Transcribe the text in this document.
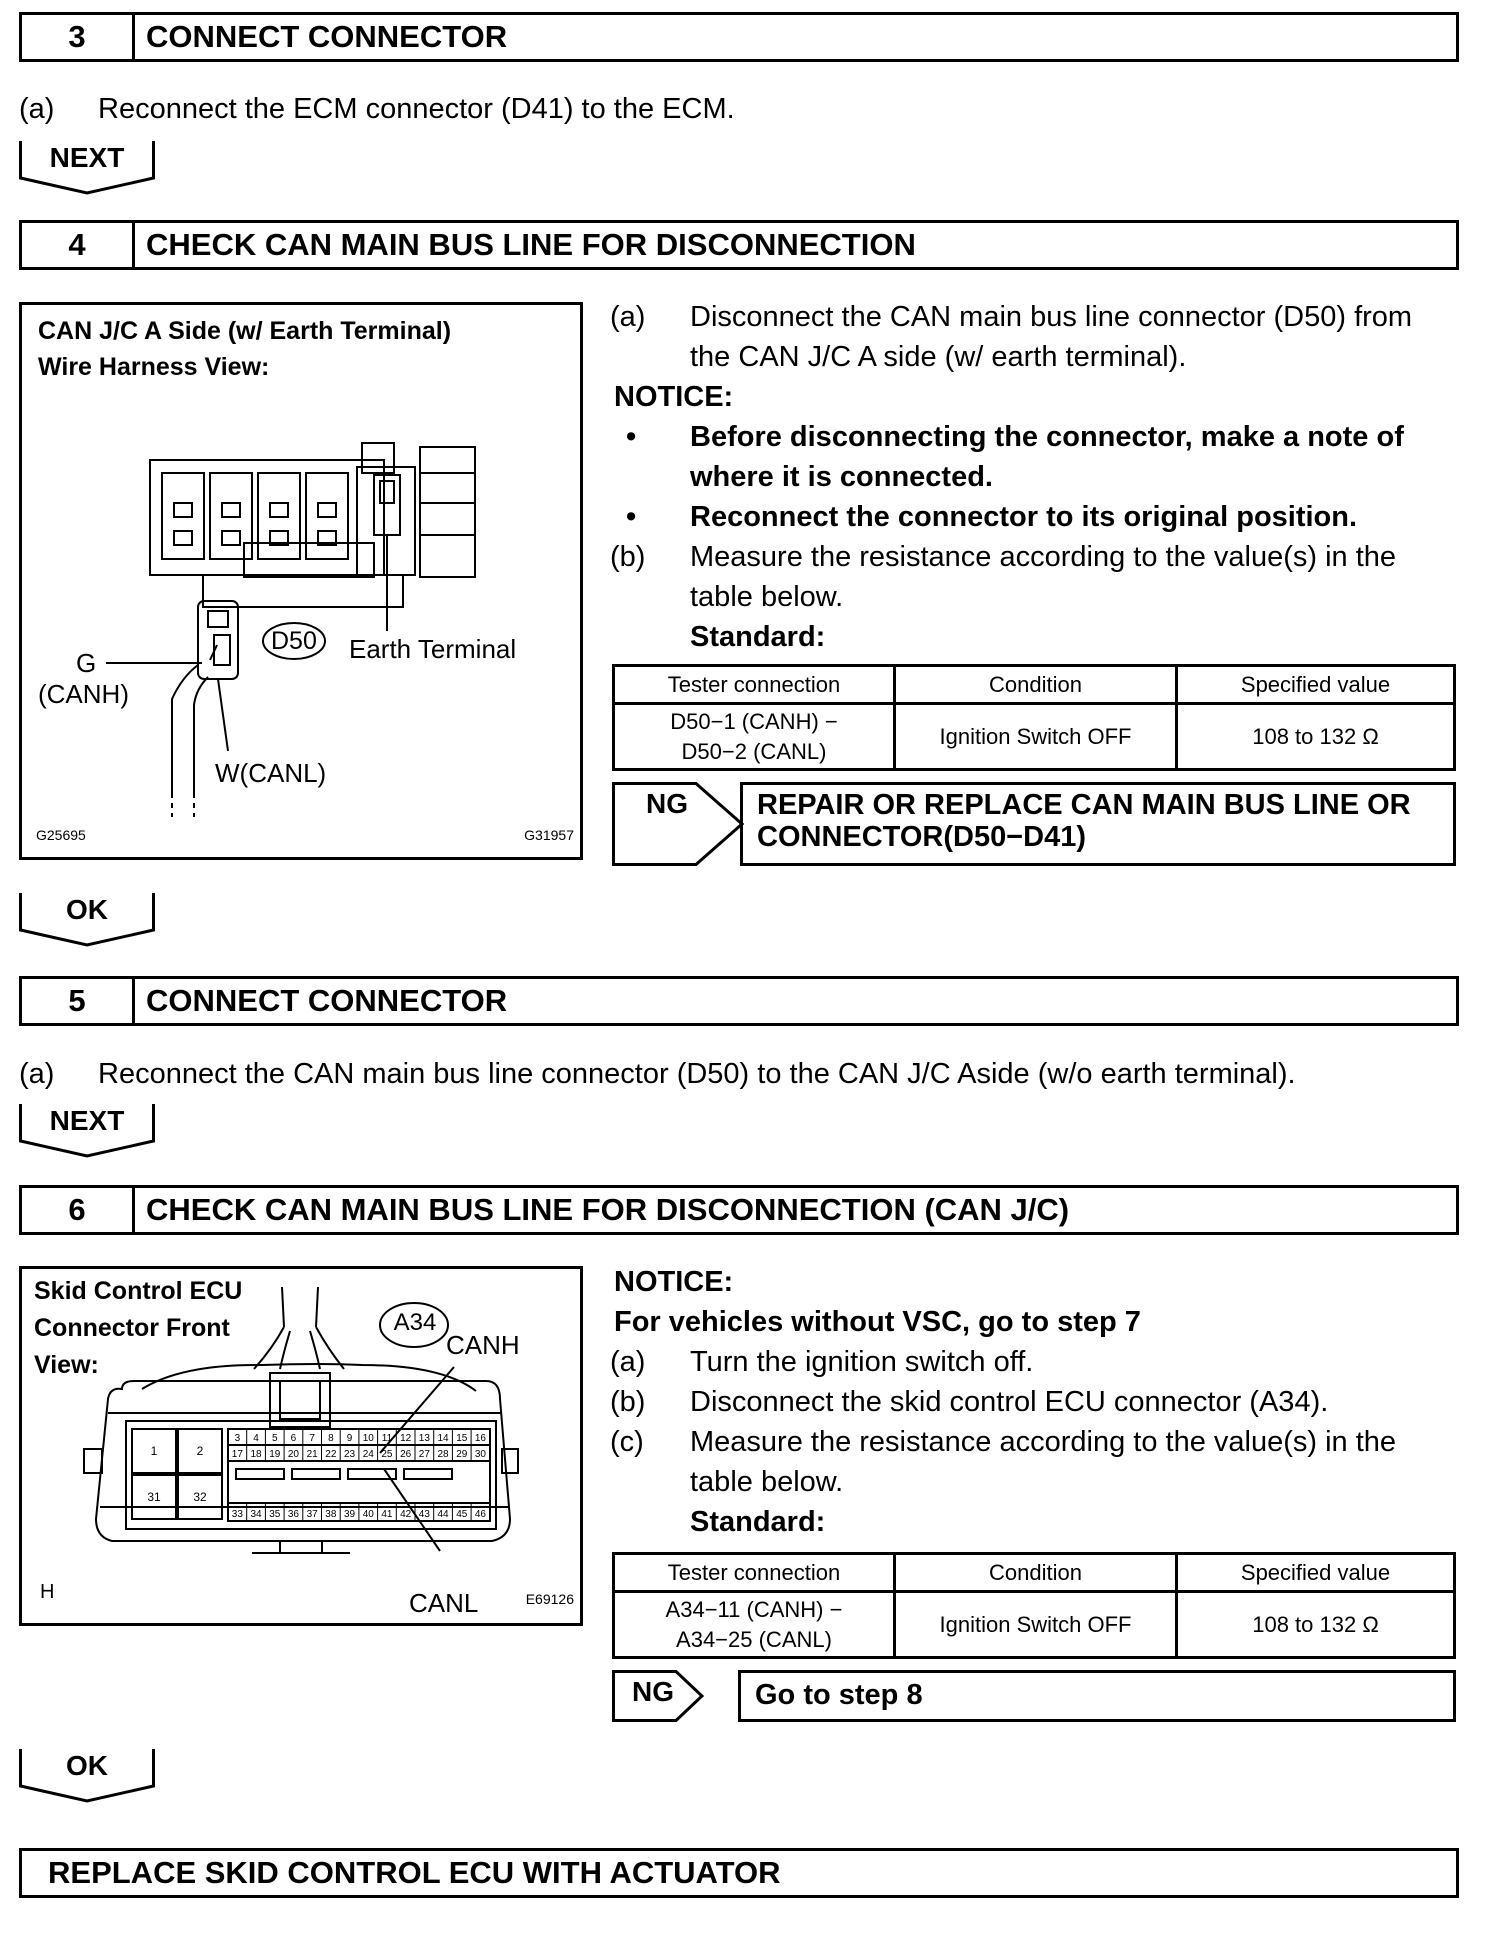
3	CONNECT CONNECTOR
(a) Reconnect the ECM connector (D41) to the ECM.
NEXT
4	CHECK CAN MAIN BUS LINE FOR DISCONNECTION
CAN J/C A Side (w/ Earth Terminal)
Wire Harness View:
D50 Earth Terminal
G
(CANH)
W(CANL)
G25695	G31957
(a) Disconnect the CAN main bus line connector (D50) from
the CAN J/C A side (w/ earth terminal).
NOTICE:
• Before disconnecting the connector, make a note of
where it is connected.
• Reconnect the connector to its original position.
(b) Measure the resistance according to the value(s) in the
table below.
Standard:
Tester connection	Condition	Specified value

D50−1 (CANH) −
D50−2 (CANL)	Ignition Switch OFF	108 to 132 Ω
NG REPAIR OR REPLACE CAN MAIN BUS LINE OR
CONNECTOR(D50−D41)
OK
5	CONNECT CONNECTOR
(a) Reconnect the CAN main bus line connector (D50) to the CAN J/C Aside (w/o earth terminal).
NEXT
6	CHECK CAN MAIN BUS LINE FOR DISCONNECTION (CAN J/C)
Skid Control ECU
Connector Front
View:
3 4 5 6 7 8 9 10 11 12 13 14 15 16
17 18 19 20 21 22 23 24 25 26 27 28 29 30
33 34 35 36 37 38 39 40 41 42 43 44 45 46
1	2
31	32
A34
CANH
CANL
H	E69126
NOTICE:
For vehicles without VSC, go to step 7
(a) Turn the ignition switch off.
(b) Disconnect the skid control ECU connector (A34).
(c) Measure the resistance according to the value(s) in the
table below.
Standard:
Tester connection	Condition	Specified value

A34−11 (CANH) −
A34−25 (CANL)	Ignition Switch OFF	108 to 132 Ω
NG	Go to step 8
OK
REPLACE SKID CONTROL ECU WITH ACTUATOR
